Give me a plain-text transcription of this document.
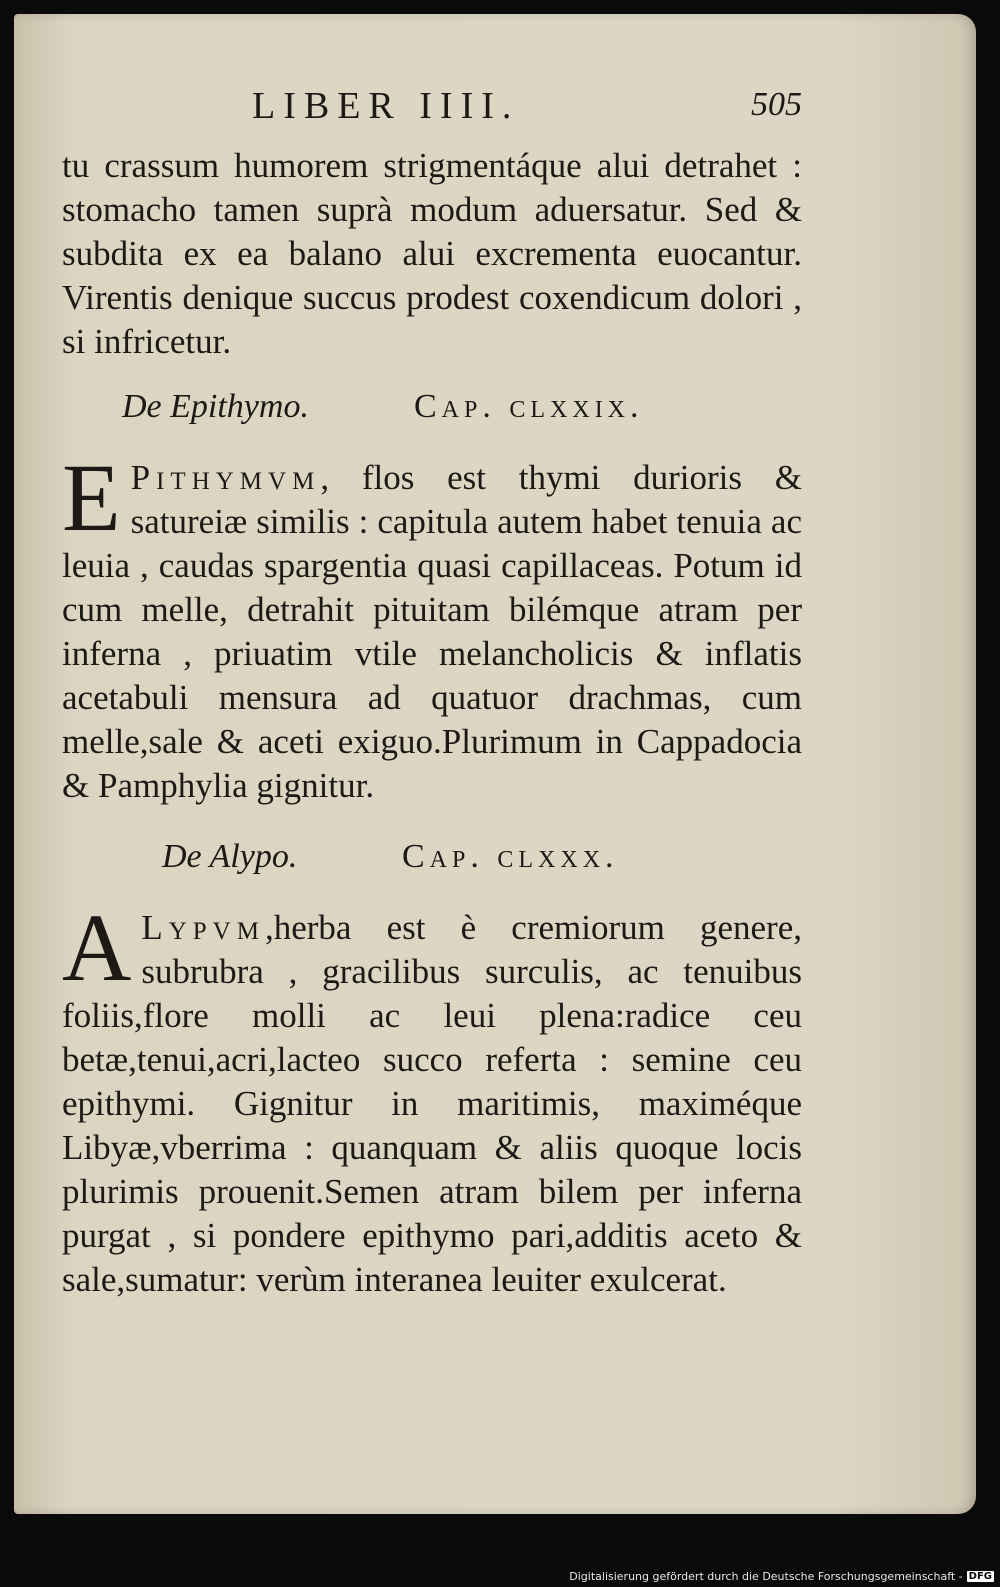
LIBER IIII.	505

tu crassum humorem strigmentáque alui detrahet : stomacho tamen suprà modum aduersatur. Sed & subdita ex ea balano alui excrementa euocantur. Virentis denique succus prodest coxendicum dolori , si infricetur.

De Epithymo.	Cap. clxxix.

E Pithymvm, flos est thymi durioris & satureiæ similis : capitula autem habet tenuia ac leuia , caudas spargentia quasi capillaceas. Potum id cum melle, detrahit pituitam bilémque atram per inferna , priuatim vtile melancholicis & inflatis acetabuli mensura ad quatuor drachmas, cum melle,sale & aceti exiguo.Plurimum in Cappadocia & Pamphylia gignitur.

De Alypo.	Cap. clxxx.

A Lypvm,herba est è cremiorum genere, subrubra , gracilibus surculis, ac tenuibus foliis,flore molli ac leui plena:radice ceu betæ,tenui,acri,lacteo succo referta : semine ceu epithymi. Gignitur in maritimis, maximéque Libyæ,vberrima : quanquam & aliis quoque locis plurimis prouenit.Semen atram bilem per inferna purgat , si pondere epithymo pari,additis aceto & sale,sumatur: verùm interanea leuiter exulcerat.

Digitalisierung gefördert durch die Deutsche Forschungsgemeinschaft - DFG
